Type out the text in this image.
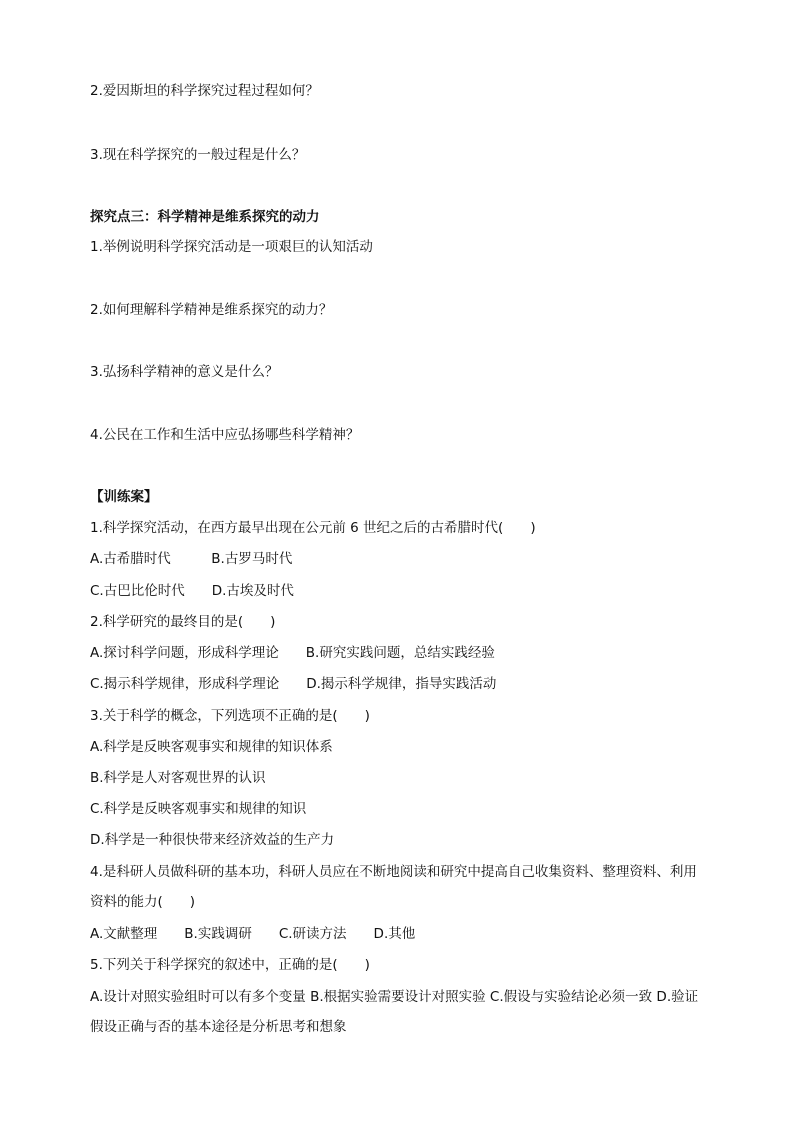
2.爱因斯坦的科学探究过程过程如何？
3.现在科学探究的一般过程是什么？
探究点三：科学精神是维系探究的动力
1.举例说明科学探究活动是一项艰巨的认知活动
2.如何理解科学精神是维系探究的动力？
3.弘扬科学精神的意义是什么？
4.公民在工作和生活中应弘扬哪些科学精神？
【训练案】
1.科学探究活动，在西方最早出现在公元前 6 世纪之后的古希腊时代(　　)
A.古希腊时代　　　B.古罗马时代
C.古巴比伦时代　　D.古埃及时代
2.科学研究的最终目的是(　　)
A.探讨科学问题，形成科学理论　　B.研究实践问题，总结实践经验
C.揭示科学规律，形成科学理论　　D.揭示科学规律，指导实践活动
3.关于科学的概念，下列选项不正确的是(　　)
A.科学是反映客观事实和规律的知识体系
B.科学是人对客观世界的认识
C.科学是反映客观事实和规律的知识
D.科学是一种很快带来经济效益的生产力
4.是科研人员做科研的基本功，科研人员应在不断地阅读和研究中提高自己收集资料、整理资料、利用资料的能力(　　)
A.文献整理　　B.实践调研　　C.研读方法　　D.其他
5.下列关于科学探究的叙述中，正确的是(　　)
A.设计对照实验组时可以有多个变量 B.根据实验需要设计对照实验 C.假设与实验结论必须一致 D.验证假设正确与否的基本途径是分析思考和想象
